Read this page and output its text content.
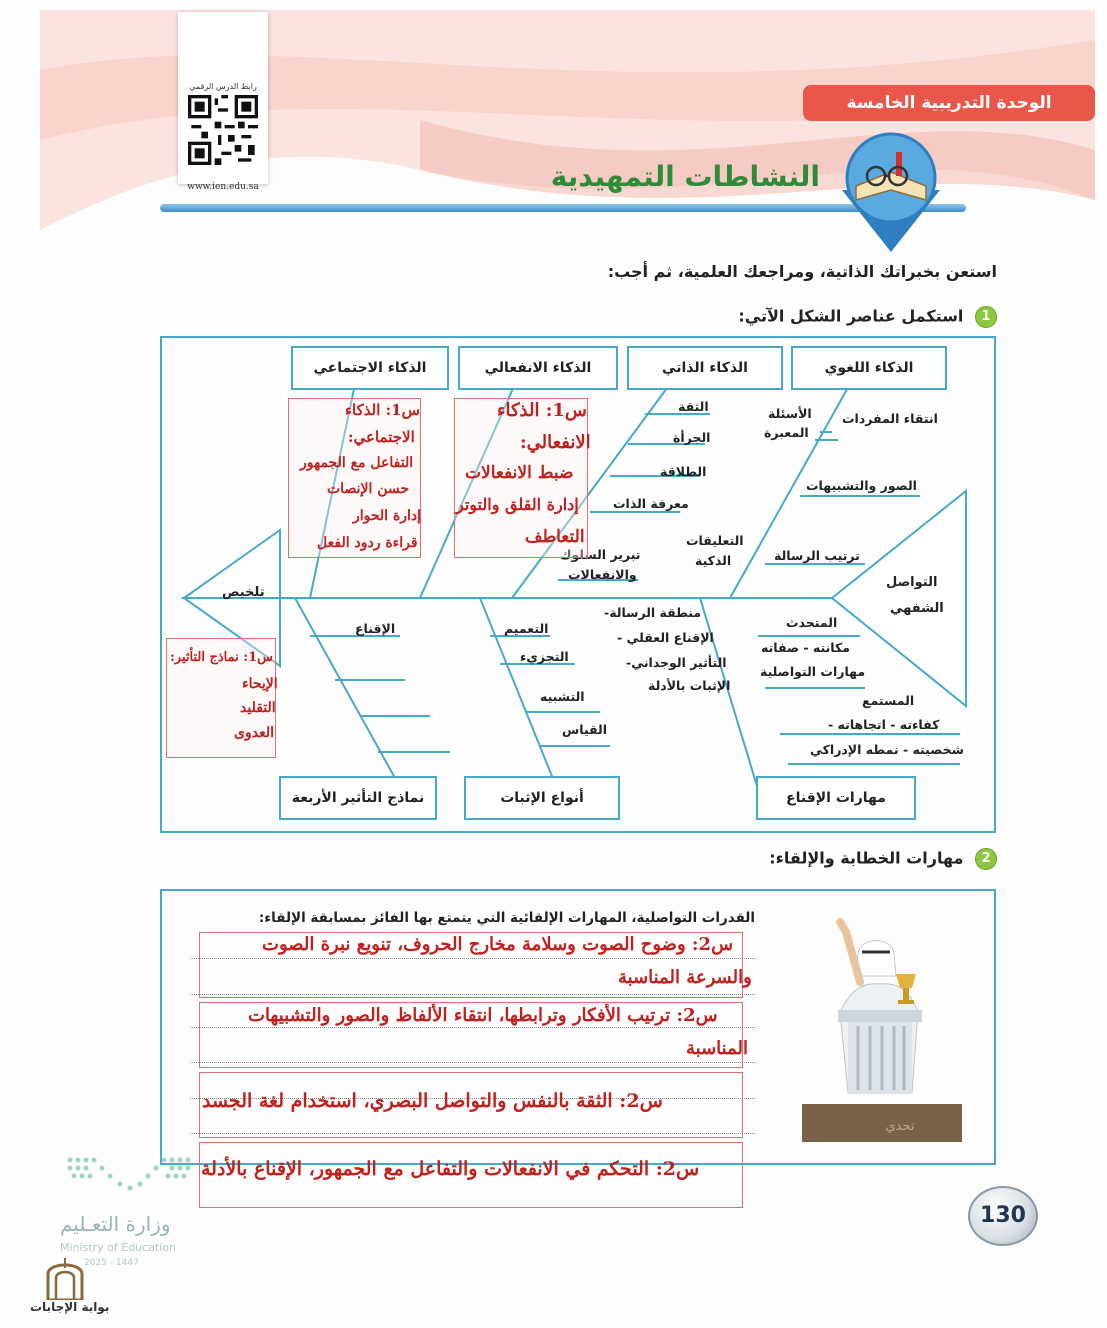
رابط الدرس الرقمي
www.ien.edu.sa
الوحدة التدريبية الخامسة
النشاطات التمهيدية
استعن بخبراتك الذاتية، ومراجعك العلمية، ثم أجب:
1 استكمل عناصر الشكل الآتي:
الذكاء اللغوي
الذكاء الذاتي
الذكاء الانفعالي
الذكاء الاجتماعي
مهارات الإقناع
أنواع الإثبات
نماذج التأثير الأربعة
التواصل
الشفهي
تلخيص
انتقاء المفردات
الأسئلة
المعبرة
الصور والتشبيهات
ترتيب الرسالة
التعليقات
الذكية
الثقة
الجرأة
الطلاقة
معرفة الذات
تبرير السلوك
والانفعالات
المتحدث
مكانته - صفاته
مهارات التواصلية
المستمع
كفاءته - اتجاهاته -
شخصيته - نمطه الإدراكي
منطقة الرسالة-
الإقناع العقلي -
التأثير الوجداني-
الإثبات بالأدلة
التعميم
التجزيء
التشبيه
القياس
الإقناع
س1: الذكاء
الانفعالي:
ضبط الانفعالات
إدارة القلق والتوتر
التعاطف
س1: الذكاء
الاجتماعي:
التفاعل مع الجمهور
حسن الإنصات
إدارة الحوار
قراءة ردود الفعل
س1: نماذج التأثير:
الإيحاء
التقليد
العدوى
2 مهارات الخطابة والإلقاء:
القدرات التواصلية، المهارات الإلقائية التي يتمتع بها الفائز بمسابقة الإلقاء:
س2: وضوح الصوت وسلامة مخارج الحروف، تنويع نبرة الصوت
والسرعة المناسبة
س2: ترتيب الأفكار وترابطها، انتقاء الألفاظ والصور والتشبيهات
المناسبة
س2: الثقة بالنفس والتواصل البصري، استخدام لغة الجسد
س2: التحكم في الانفعالات والتفاعل مع الجمهور، الإقناع بالأدلة
تحدي
وزارة التعـليم
Ministry of Education
2025 - 1447
بوابة الإجابات
130
